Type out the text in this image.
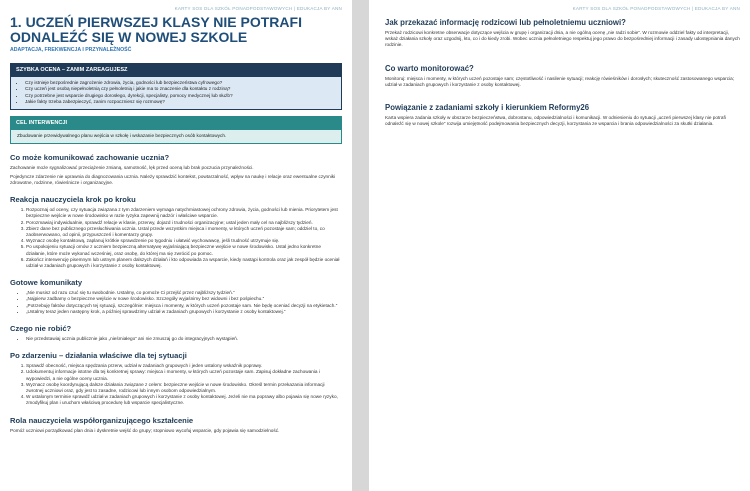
KARTY SOS DLA SZKÓŁ PONADPODSTAWOWYCH | EDUKACJA BY ANN
1. UCZEŃ PIERWSZEJ KLASY NIE POTRAFI ODNALEŹĆ SIĘ W NOWEJ SZKOLE
ADAPTACJA, FREKWENCJA I PRZYNALEŻNOŚĆ
SZYBKA OCENA – ZANIM ZAREAGUJESZ
• Czy istnieje bezpośrednie zagrożenie zdrowia, życia, godności lub bezpieczeństwa cyfrowego?
• Czy uczeń jest osobą niepełnoletnią czy pełnoletnią i jakie ma to znaczenie dla kontaktu z rodziną?
• Czy potrzebne jest wsparcie drugiego dorosłego, dyrekcji, specjalisty, pomocy medycznej lub służb?
• Jakie fakty trzeba zabezpieczyć, zanim rozpoczniesz się rozmowę?
CEL INTERWENCJI
Zbudowanie przewidywalnego planu wejścia w szkołę i wskazanie bezpiecznych osób kontaktowych.
Co może komunikować zachowanie ucznia?

Zachowanie może sygnalizować przeciążenie zmianą, samotność, lęk przed oceną lub brak poczucia przynależności.

Pojedyncze zdarzenie nie uprawnia do diagnozowania ucznia. Należy sprawdzić kontekst, powtarzalność, wpływ na naukę i relacje oraz ewentualne czynniki zdrowotne, rodzinne, rówieśnicze i organizacyjne.

Reakcja nauczyciela krok po kroku
1. Rozpoznaj od oceny, czy sytuacja związana z tym zdarzeniem wymaga natychmiastowej ochrony zdrowia, życia, godności lub mienia. Priorytetem jest bezpieczne wejście w nowe środowisko w razie ryzyka zapewnij nadzór i właściwe wsparcie.
2. Porozmawiaj indywidualnie, sprawdź relacje w klasie, przerwy, dojazd i trudności organizacyjne; ustal jeden mały cel na najbliższy tydzień.
3. Zbierz dane bez publicznego przesłuchiwania ucznia. Ustal przede wszystkim miejsca i momenty, w których uczeń pozostaje sam; oddziel to, co zaobserwowano, od opinii, przypuszczeń i komentarzy grupy.
4. Wyznacz osobę kontaktową, zaplanuj krótkie sprawdzenie po tygodniu i ułatwić wychowawcę, jeśli trudność utrzymuje się.
5. Po uspokojeniu sytuacji omów z uczniem bezpieczną alternatywę wyjaśniającą bezpieczne wejście w nowe środowisko. Ustal jedno konkretne działanie, które może wykonać wcześniej, oraz osobę, do której ma się zwrócić po pomoc.
6. Zakończ interwencję pisemnym lub ustnym planem dalszych działań i kto odpowiada za wsparcie, kiedy nastąpi kontrola oraz jak zespół będzie oceniał udział w zadaniach grupowych i korzystanie z osoby kontaktowej.
Gotowe komunikaty
• „Nie musisz od razu czuć się tu swobodnie. Ustalmy, co pomoże Ci przejść przez najbliższy tydzień.”
• „Najpierw zadbamy o bezpieczne wejście w nowe środowisko. Szczegóły wyjaśnimy bez widowni i bez pośpiechu.”
• „Potrzebuję faktów dotyczących tej sytuacji, szczególnie: miejsca i momenty, w których uczeń pozostaje sam. Nie będę oceniać decyzji na etykietach.”
• „Ustalmy teraz jeden następny krok, a później sprawdzimy udział w zadaniach grupowych i korzystanie z osoby kontaktowej.”
Czego nie robić?
• Nie przedstawiaj ucznia publicznie jako „nieśmiałego” ani nie zmuszaj go do integracyjnych wystąpień.
Po zdarzeniu – działania właściwe dla tej sytuacji
1. Sprawdź obecność, miejsca spędzania przerw, udział w zadaniach grupowych i jeden ustalony wskaźnik poprawy.
2. Udokumentuj informacje istotne dla tej konkretnej sprawy: miejsca i momenty, w których uczeń pozostaje sam. Zapisuj dokładne zachowania i wypowiedzi, a nie ogólne oceny ucznia.
3. Wyznacz osobę koordynującą dalsze działania związane z celem: bezpieczne wejście w nowe środowisko. Określ termin przekazania informacji zwrotnej uczniowi oraz, gdy jest to zasadne, rodzicowi lub innym osobom odpowiedzialnym.
4. W ustalonym terminie sprawdź udział w zadaniach grupowych i korzystanie z osoby kontaktowej. Jeżeli nie ma poprawy albo pojawia się nowe ryzyko, zmodyfikuj plan i uruchom właściwą procedurę lub wsparcie specjalistyczne.
Rola nauczyciela współorganizującego kształcenie

Pomóż uczniowi porządkować plan dnia i dyskretnie wejść do grupy; stopniowo wycofuj wsparcie, gdy pojawia się samodzielność.

KARTY SOS DLA SZKÓŁ PONADPODSTAWOWYCH | EDUKACJA BY ANN
Jak przekazać informację rodzicowi lub pełnoletniemu uczniowi?

Przekaż rodzicowi konkretne obserwacje dotyczące wejścia w grupę i organizacji dnia, a nie ogólną ocenę „nie radzi sobie”. W rozmowie oddziel fakty od interpretacji, wskaż działania szkoły oraz uzgodnij, kto, co i do kiedy zrobi. Wobec ucznia pełnoletniego respektuj jego prawo do bezpośredniej informacji i zasady udostępniania danych rodzinie.

Co warto monitorować?

Monitoruj: miejsca i momenty, w których uczeń pozostaje sam; częstotliwość i nasilenie sytuacji; reakcję rówieśników i dorosłych; skuteczność zastosowanego wsparcia; udział w zadaniach grupowych i korzystanie z osoby kontaktowej.

Powiązanie z zadaniami szkoły i kierunkiem Reformy26

Karta wspiera zadania szkoły w obszarze bezpieczeństwa, dobrostanu, odpowiedzialności i komunikacji. W odniesieniu do sytuacji „uczeń pierwszej klasy nie potrafi odnaleźć się w nowej szkole” rozwija umiejętność podejmowania bezpiecznych decyzji, korzystania ze wsparcia i brania odpowiedzialności za skutki działania.
